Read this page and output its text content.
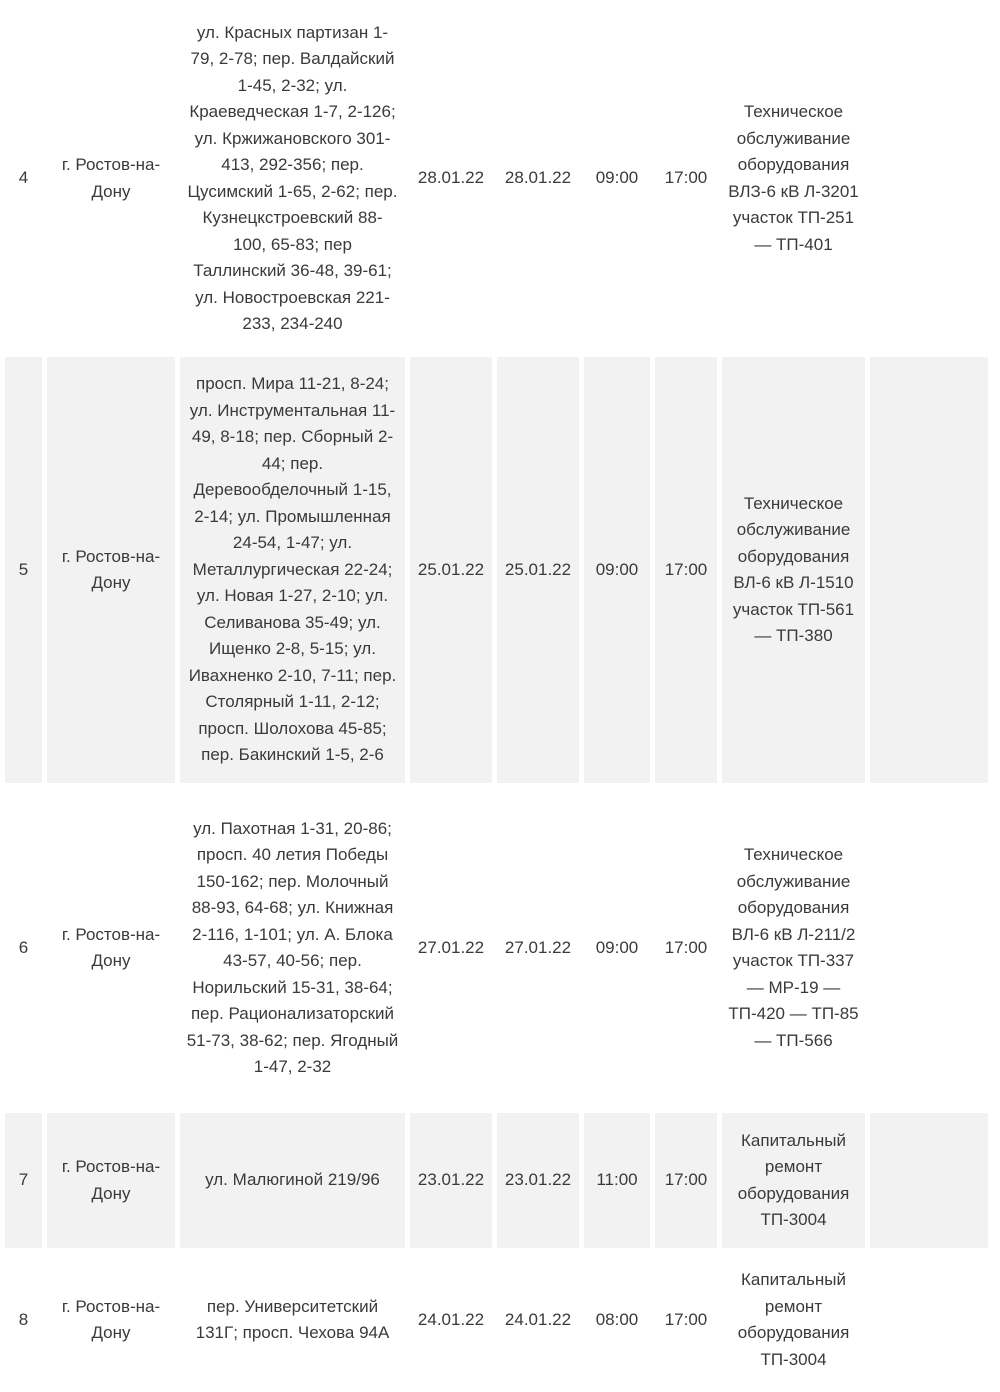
4	г. Ростов-на-Дону	ул. Красных партизан 1-79, 2-78; пер. Валдайский 1-45, 2-32; ул. Краеведческая 1-7, 2-126; ул. Кржижановского 301-413, 292-356; пер. Цусимский 1-65, 2-62; пер. Кузнецкстроевский 88-100, 65-83; пер Таллинский 36-48, 39-61; ул. Новостроевская 221-233, 234-240	28.01.22	28.01.22	09:00	17:00	Техническое обслуживание оборудования ВЛЗ-6 кВ Л-3201 участок ТП-251 — ТП-401	
5	г. Ростов-на-Дону	просп. Мира 11-21, 8-24; ул. Инструментальная 11-49, 8-18; пер. Сборный 2-44; пер. Деревообделочный 1-15, 2-14; ул. Промышленная 24-54, 1-47; ул. Металлургическая 22-24; ул. Новая 1-27, 2-10; ул. Селиванова 35-49; ул. Ищенко 2-8, 5-15; ул. Ивахненко 2-10, 7-11; пер. Столярный 1-11, 2-12; просп. Шолохова 45-85; пер. Бакинский 1-5, 2-6	25.01.22	25.01.22	09:00	17:00	Техническое обслуживание оборудования ВЛ-6 кВ Л-1510 участок ТП-561 — ТП-380	
6	г. Ростов-на-Дону	ул. Пахотная 1-31, 20-86; просп. 40 летия Победы 150-162; пер. Молочный 88-93, 64-68; ул. Книжная 2-116, 1-101; ул. А. Блока 43-57, 40-56; пер. Норильский 15-31, 38-64; пер. Рационализаторский 51-73, 38-62; пер. Ягодный 1-47, 2-32	27.01.22	27.01.22	09:00	17:00	Техническое обслуживание оборудования ВЛ-6 кВ Л-211/2 участок ТП-337 — МР-19 — ТП-420 — ТП-85 — ТП-566	
7	г. Ростов-на-Дону	ул. Малюгиной 219/96	23.01.22	23.01.22	11:00	17:00	Капитальный ремонт оборудования ТП-3004	
8	г. Ростов-на-Дону	пер. Университетский 131Г; просп. Чехова 94А	24.01.22	24.01.22	08:00	17:00	Капитальный ремонт оборудования ТП-3004	
